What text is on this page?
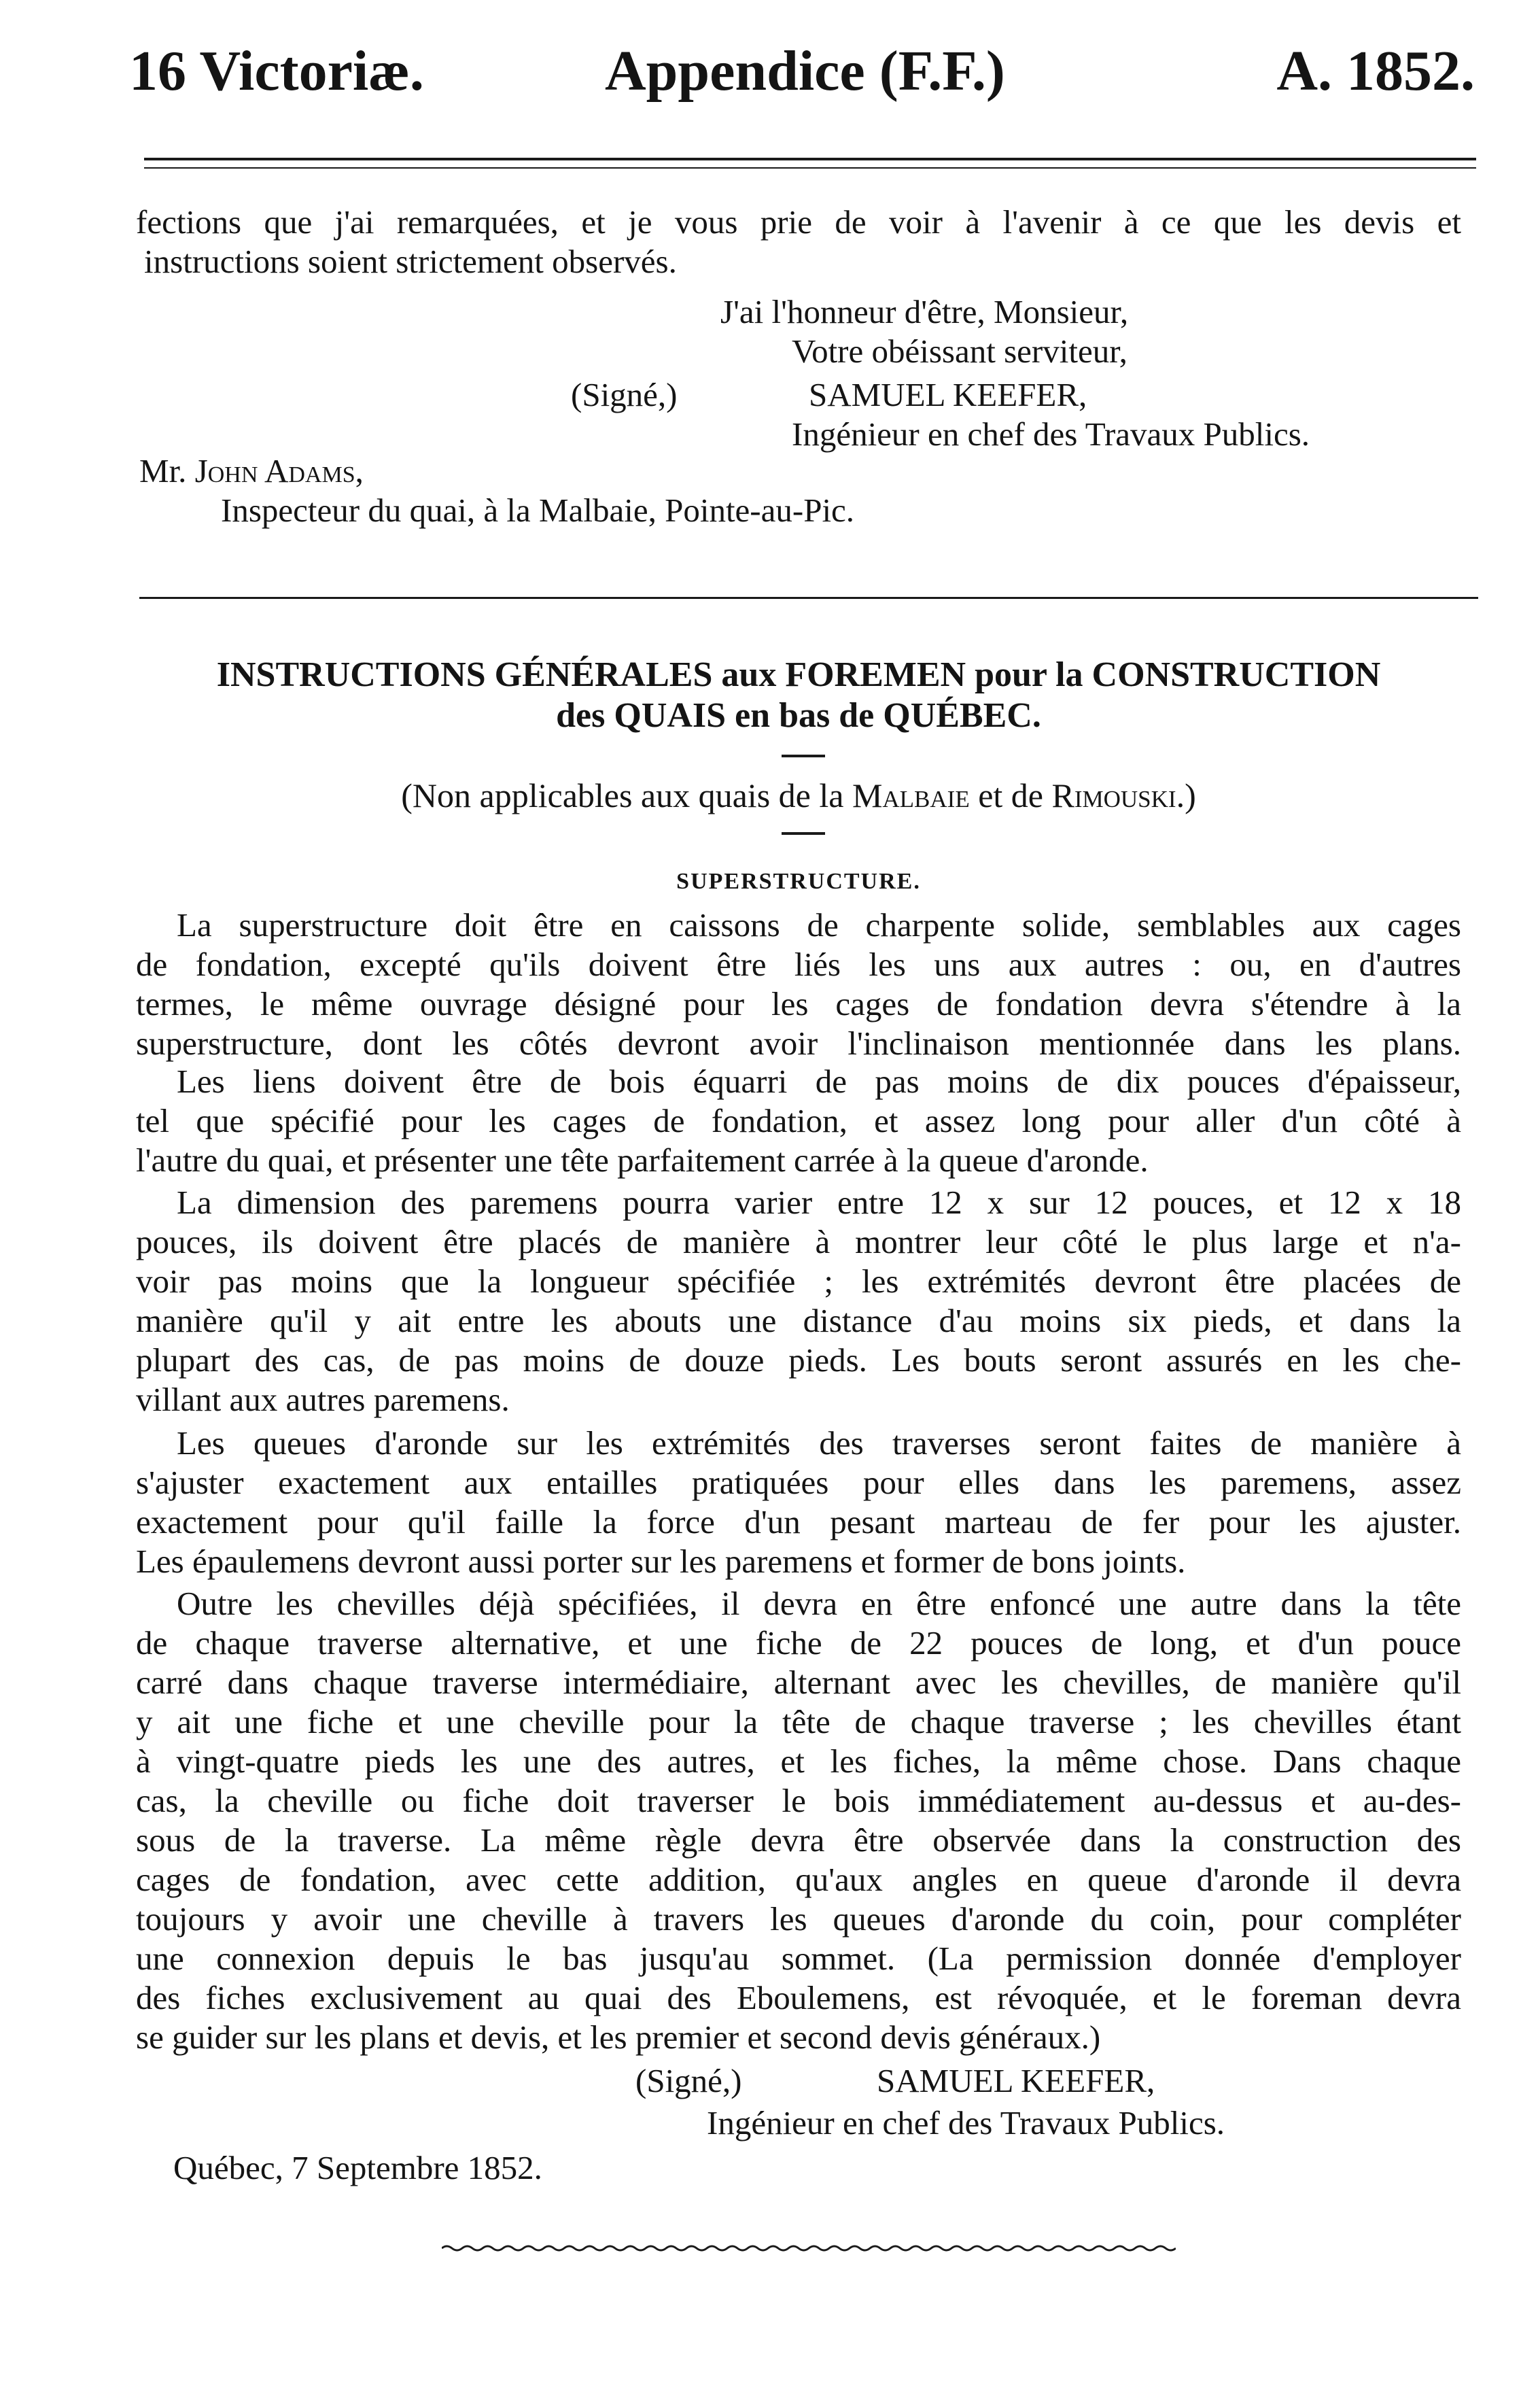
16 Victoriæ.	Appendice (F.F.)	A. 1852.
fections que j'ai remarquées, et je vous prie de voir à l'avenir à ce que les devis et
instructions soient strictement observés.
J'ai l'honneur d'être, Monsieur,
Votre obéissant serviteur,
(Signé,)	SAMUEL KEEFER,
Ingénieur en chef des Travaux Publics.
Mr. John Adams,
Inspecteur du quai, à la Malbaie, Pointe-au-Pic.
INSTRUCTIONS GÉNÉRALES aux FOREMEN pour la CONSTRUCTION
des QUAIS en bas de QUÉBEC.
(Non applicables aux quais de la Malbaie et de Rimouski.)
SUPERSTRUCTURE.
La superstructure doit être en caissons de charpente solide, semblables aux cages
de fondation, excepté qu'ils doivent être liés les uns aux autres : ou, en d'autres
termes, le même ouvrage désigné pour les cages de fondation devra s'étendre à la
superstructure, dont les côtés devront avoir l'inclinaison mentionnée dans les plans.
Les liens doivent être de bois équarri de pas moins de dix pouces d'épaisseur,
tel que spécifié pour les cages de fondation, et assez long pour aller d'un côté à
l'autre du quai, et présenter une tête parfaitement carrée à la queue d'aronde.
La dimension des paremens pourra varier entre 12 x sur 12 pouces, et 12 x 18
pouces, ils doivent être placés de manière à montrer leur côté le plus large et n'a-
voir pas moins que la longueur spécifiée ; les extrémités devront être placées de
manière qu'il y ait entre les abouts une distance d'au moins six pieds, et dans la
plupart des cas, de pas moins de douze pieds. Les bouts seront assurés en les che-
villant aux autres paremens.
Les queues d'aronde sur les extrémités des traverses seront faites de manière à
s'ajuster exactement aux entailles pratiquées pour elles dans les paremens, assez
exactement pour qu'il faille la force d'un pesant marteau de fer pour les ajuster.
Les épaulemens devront aussi porter sur les paremens et former de bons joints.
Outre les chevilles déjà spécifiées, il devra en être enfoncé une autre dans la tête
de chaque traverse alternative, et une fiche de 22 pouces de long, et d'un pouce
carré dans chaque traverse intermédiaire, alternant avec les chevilles, de manière qu'il
y ait une fiche et une cheville pour la tête de chaque traverse ; les chevilles étant
à vingt-quatre pieds les une des autres, et les fiches, la même chose. Dans chaque
cas, la cheville ou fiche doit traverser le bois immédiatement au-dessus et au-des-
sous de la traverse. La même règle devra être observée dans la construction des
cages de fondation, avec cette addition, qu'aux angles en queue d'aronde il devra
toujours y avoir une cheville à travers les queues d'aronde du coin, pour compléter
une connexion depuis le bas jusqu'au sommet. (La permission donnée d'employer
des fiches exclusivement au quai des Eboulemens, est révoquée, et le foreman devra
se guider sur les plans et devis, et les premier et second devis généraux.)
(Signé,)	SAMUEL KEEFER,
Ingénieur en chef des Travaux Publics.
Québec, 7 Septembre 1852.
